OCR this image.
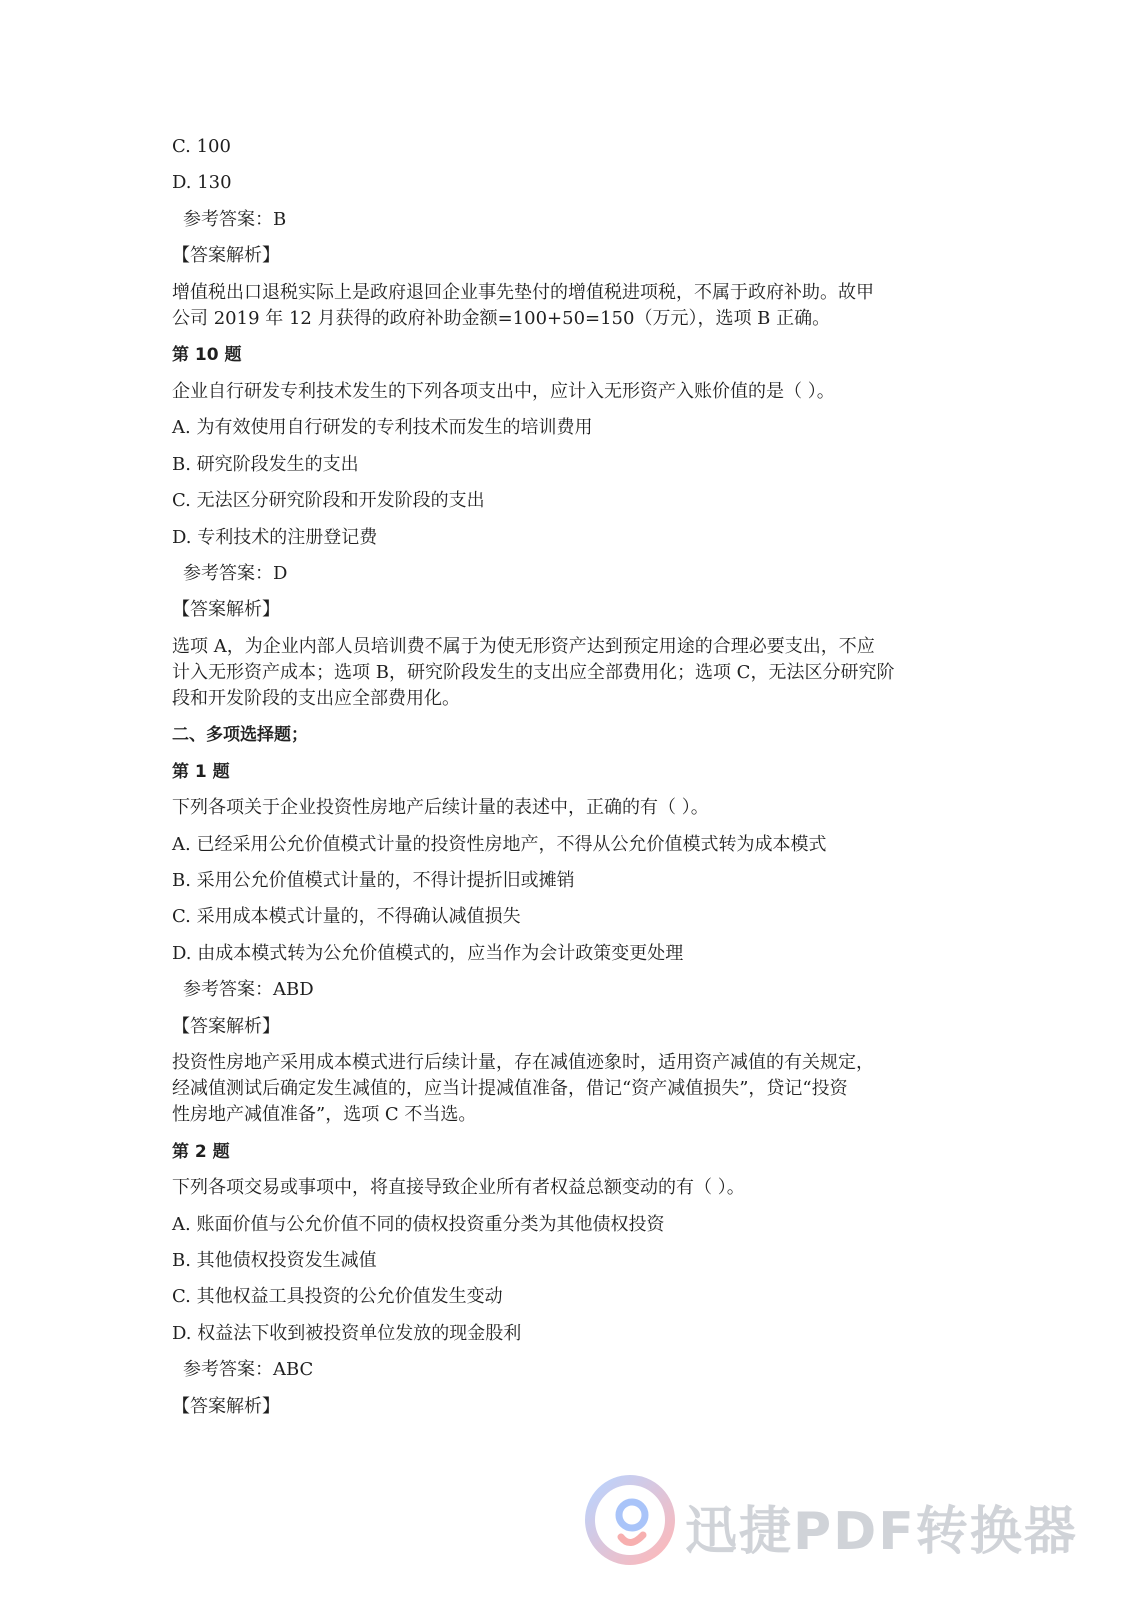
C. 100
D. 130
参考答案：B
【答案解析】
增值税出口退税实际上是政府退回企业事先垫付的增值税进项税，不属于政府补助。故甲
公司 2019 年 12 月获得的政府补助金额=100+50=150（万元），选项 B 正确。
第 10 题
企业自行研发专利技术发生的下列各项支出中，应计入无形资产入账价值的是（ ）。
A. 为有效使用自行研发的专利技术而发生的培训费用
B. 研究阶段发生的支出
C. 无法区分研究阶段和开发阶段的支出
D. 专利技术的注册登记费
参考答案：D
【答案解析】
选项 A，为企业内部人员培训费不属于为使无形资产达到预定用途的合理必要支出，不应
计入无形资产成本；选项 B，研究阶段发生的支出应全部费用化；选项 C，无法区分研究阶
段和开发阶段的支出应全部费用化。
二、多项选择题；
第 1 题
下列各项关于企业投资性房地产后续计量的表述中，正确的有（ ）。
A. 已经采用公允价值模式计量的投资性房地产，不得从公允价值模式转为成本模式
B. 采用公允价值模式计量的，不得计提折旧或摊销
C. 采用成本模式计量的，不得确认减值损失
D. 由成本模式转为公允价值模式的，应当作为会计政策变更处理
参考答案：ABD
【答案解析】
投资性房地产采用成本模式进行后续计量，存在减值迹象时，适用资产减值的有关规定，
经减值测试后确定发生减值的，应当计提减值准备，借记“资产减值损失”，贷记“投资
性房地产减值准备”，选项 C 不当选。
第 2 题
下列各项交易或事项中，将直接导致企业所有者权益总额变动的有（ ）。
A. 账面价值与公允价值不同的债权投资重分类为其他债权投资
B. 其他债权投资发生减值
C. 其他权益工具投资的公允价值发生变动
D. 权益法下收到被投资单位发放的现金股利
参考答案：ABC
【答案解析】
迅捷PDF转换器
